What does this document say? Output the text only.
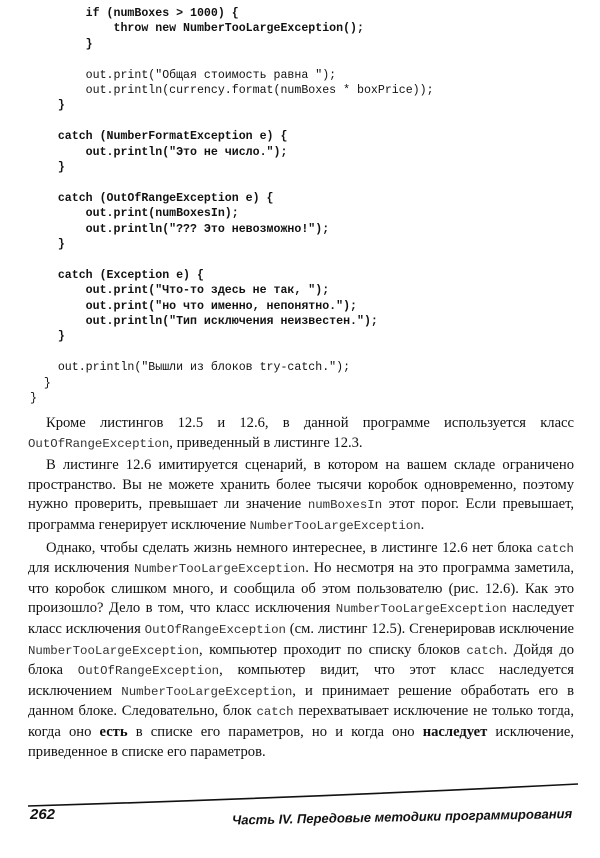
if (numBoxes > 1000) {
throw new NumberTooLargeException();
}
out.print("Общая стоимость равна ");
out.println(currency.format(numBoxes * boxPrice));
}
catch (NumberFormatException e) {
out.println("Это не число.");
}
catch (OutOfRangeException e) {
out.print(numBoxesIn);
out.println("??? Это невозможно!");
}
catch (Exception e) {
out.print("Что-то здесь не так, ");
out.print("но что именно, непонятно.");
out.println("Тип исключения неизвестен.");
}
out.println("Вышли из блоков try-catch.");
}
}

Кроме листингов 12.5 и 12.6, в данной программе используется класс OutOfRangeException, приведенный в листинге 12.3.

В листинге 12.6 имитируется сценарий, в котором на вашем складе ограничено пространство. Вы не можете хранить более тысячи коробок одновременно, поэтому нужно проверить, превышает ли значение numBoxesIn этот порог. Если превышает, программа генерирует исключение NumberTooLargeException.

Однако, чтобы сделать жизнь немного интереснее, в листинге 12.6 нет блока catch для исключения NumberTooLargeException. Но несмотря на это программа заметила, что коробок слишком много, и сообщила об этом пользователю (рис. 12.6). Как это произошло? Дело в том, что класс исключения NumberTooLargeException наследует класс исключения OutOfRangeException (см. листинг 12.5). Сгенерировав исключение NumberTooLargeException, компьютер проходит по списку блоков catch. Дойдя до блока OutOfRangeException, компьютер видит, что этот класс наследуется исключением NumberTooLargeException, и принимает решение обработать его в данном блоке. Следовательно, блок catch перехватывает исключение не только тогда, когда оно есть в списке его параметров, но и когда оно наследует исключение, приведенное в списке его параметров.

262	Часть IV. Передовые методики программирования
